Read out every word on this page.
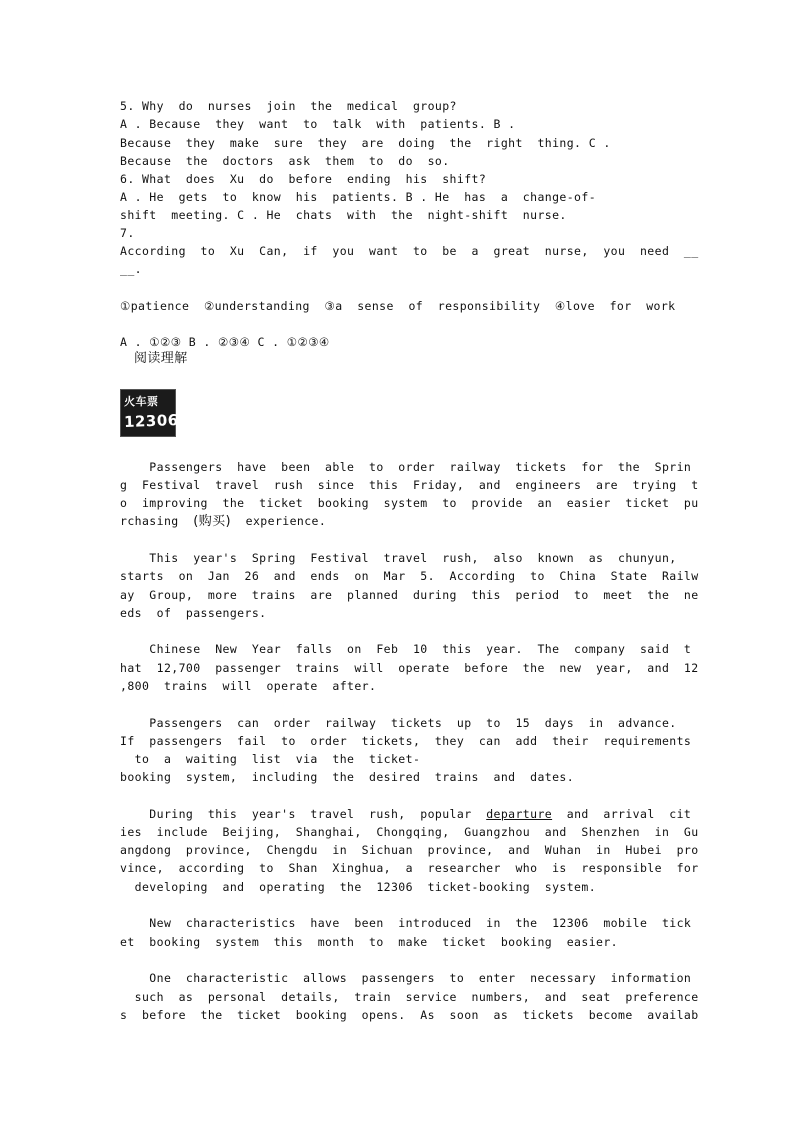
5. Why  do  nurses  join  the  medical  group?
A . Because  they  want  to  talk  with  patients. B .
Because  they  make  sure  they  are  doing  the  right  thing. C .
Because  the  doctors  ask  them  to  do  so.
6. What  does  Xu  do  before  ending  his  shift?
A . He  gets  to  know  his  patients. B . He  has  a  change-of-
shift  meeting. C . He  chats  with  the  night-shift  nurse.
7.
According  to  Xu  Can,  if  you  want  to  be  a  great  nurse,  you  need  __
__.
①patience  ②understanding  ③a  sense  of  responsibility  ④love  for  work
A . ①②③ B . ②③④ C . ①②③④
阅读理解
火车票
12306
Passengers  have  been  able  to  order  railway  tickets  for  the  Sprin
g  Festival  travel  rush  since  this  Friday,  and  engineers  are  trying  t
o  improving  the  ticket  booking  system  to  provide  an  easier  ticket  pu
rchasing  (购买)  experience.
This  year's  Spring  Festival  travel  rush,  also  known  as  chunyun,
starts  on  Jan  26  and  ends  on  Mar  5.  According  to  China  State  Railw
ay  Group,  more  trains  are  planned  during  this  period  to  meet  the  ne
eds  of  passengers.
Chinese  New  Year  falls  on  Feb  10  this  year.  The  company  said  t
hat  12,700  passenger  trains  will  operate  before  the  new  year,  and  12
,800  trains  will  operate  after.
Passengers  can  order  railway  tickets  up  to  15  days  in  advance.
If  passengers  fail  to  order  tickets,  they  can  add  their  requirements
to  a  waiting  list  via  the  ticket-
booking  system,  including  the  desired  trains  and  dates.
During  this  year's  travel  rush,  popular  departure  and  arrival  cit
ies  include  Beijing,  Shanghai,  Chongqing,  Guangzhou  and  Shenzhen  in  Gu
angdong  province,  Chengdu  in  Sichuan  province,  and  Wuhan  in  Hubei  pro
vince,  according  to  Shan  Xinghua,  a  researcher  who  is  responsible  for
developing  and  operating  the  12306  ticket-booking  system.
New  characteristics  have  been  introduced  in  the  12306  mobile  tick
et  booking  system  this  month  to  make  ticket  booking  easier.
One  characteristic  allows  passengers  to  enter  necessary  information
such  as  personal  details,  train  service  numbers,  and  seat  preference
s  before  the  ticket  booking  opens.  As  soon  as  tickets  become  availab
